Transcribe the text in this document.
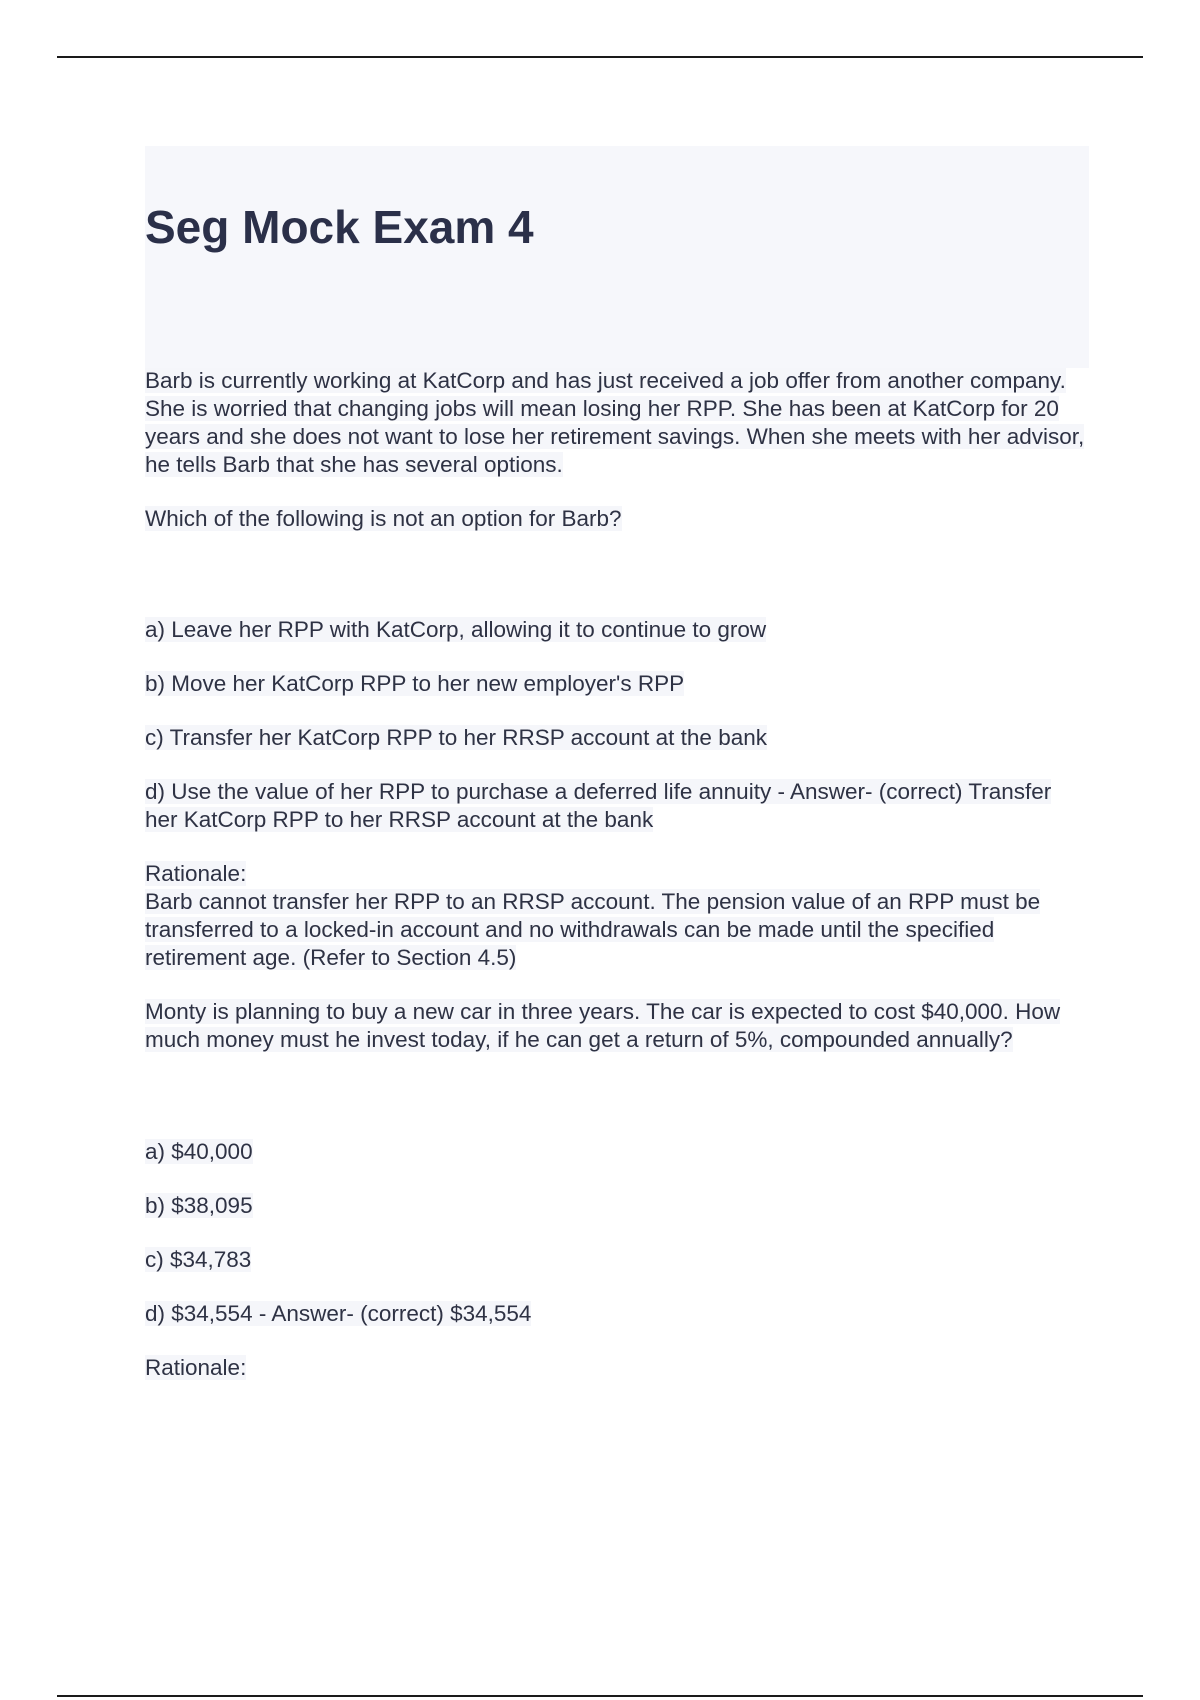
Seg Mock Exam 4

Barb is currently working at KatCorp and has just received a job offer from another company. She is worried that changing jobs will mean losing her RPP. She has been at KatCorp for 20 years and she does not want to lose her retirement savings. When she meets with her advisor, he tells Barb that she has several options.

Which of the following is not an option for Barb?

a) Leave her RPP with KatCorp, allowing it to continue to grow

b) Move her KatCorp RPP to her new employer's RPP

c) Transfer her KatCorp RPP to her RRSP account at the bank

d) Use the value of her RPP to purchase a deferred life annuity - Answer- (correct) Transfer her KatCorp RPP to her RRSP account at the bank

Rationale:

Barb cannot transfer her RPP to an RRSP account. The pension value of an RPP must be transferred to a locked-in account and no withdrawals can be made until the specified retirement age. (Refer to Section 4.5)

Monty is planning to buy a new car in three years. The car is expected to cost $40,000. How much money must he invest today, if he can get a return of 5%, compounded annually?

a) $40,000

b) $38,095

c) $34,783

d) $34,554 - Answer- (correct) $34,554

Rationale:
